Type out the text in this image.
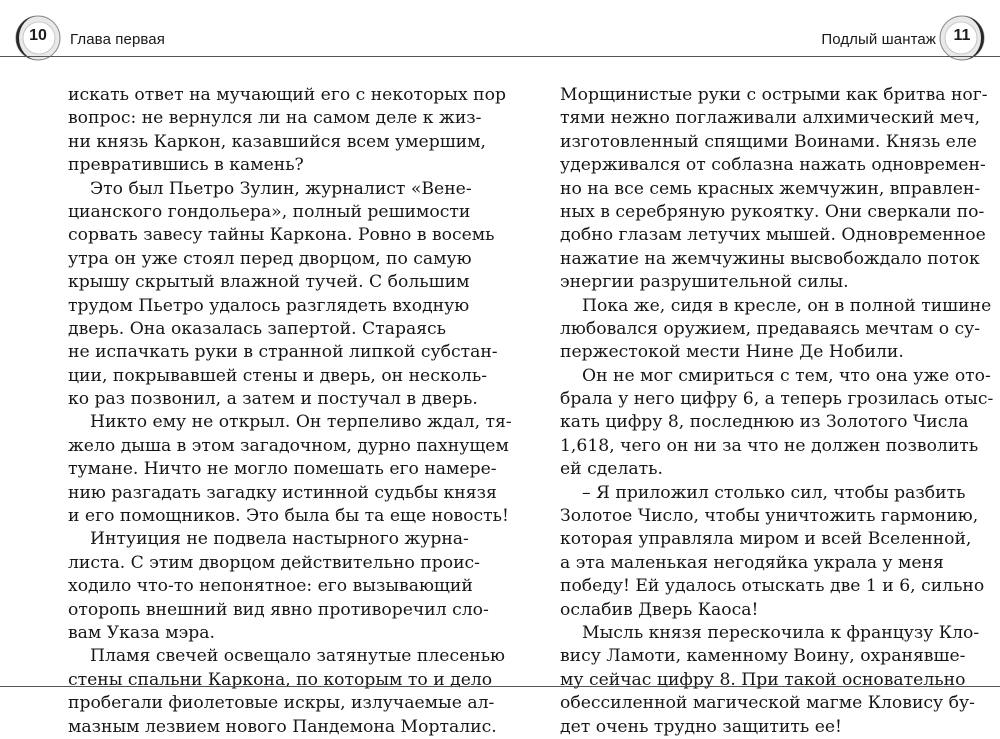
10	Глава первая	Подлый шантаж	11
искать ответ на мучающий его с некоторых пор
вопрос: не вернулся ли на самом деле к жиз-
ни князь Каркон, казавшийся всем умершим,
превратившись в камень?
Это был Пьетро Зулин, журналист «Вене-
цианского гондольера», полный решимости
сорвать завесу тайны Каркона. Ровно в восемь
утра он уже стоял перед дворцом, по самую
крышу скрытый влажной тучей. С большим
трудом Пьетро удалось разглядеть входную
дверь. Она оказалась запертой. Стараясь
не испачкать руки в странной липкой субстан-
ции, покрывавшей стены и дверь, он несколь-
ко раз позвонил, а затем и постучал в дверь.
Никто ему не открыл. Он терпеливо ждал, тя-
жело дыша в этом загадочном, дурно пахнущем
тумане. Ничто не могло помешать его намере-
нию разгадать загадку истинной судьбы князя
и его помощников. Это была бы та еще новость!
Интуиция не подвела настырного журна-
листа. С этим дворцом действительно проис-
ходило что-то непонятное: его вызывающий
оторопь внешний вид явно противоречил сло-
вам Указа мэра.
Пламя свечей освещало затянутые плесенью
стены спальни Каркона, по которым то и дело
пробегали фиолетовые искры, излучаемые ал-
мазным лезвием нового Пандемона Морталис.
Морщинистые руки с острыми как бритва ног-
тями нежно поглаживали алхимический меч,
изготовленный спящими Воинами. Князь еле
удерживался от соблазна нажать одновремен-
но на все семь красных жемчужин, вправлен-
ных в серебряную рукоятку. Они сверкали по-
добно глазам летучих мышей. Одновременное
нажатие на жемчужины высвобождало поток
энергии разрушительной силы.
Пока же, сидя в кресле, он в полной тишине
любовался оружием, предаваясь мечтам о су-
пержестокой мести Нине Де Нобили.
Он не мог смириться с тем, что она уже ото-
брала у него цифру 6, а теперь грозилась отыс-
кать цифру 8, последнюю из Золотого Числа
1,618, чего он ни за что не должен позволить
ей сделать.
– Я приложил столько сил, чтобы разбить
Золотое Число, чтобы уничтожить гармонию,
которая управляла миром и всей Вселенной,
а эта маленькая негодяйка украла у меня
победу! Ей удалось отыскать две 1 и 6, сильно
ослабив Дверь Каоса!
Мысль князя перескочила к французу Кло-
вису Ламоти, каменному Воину, охранявше-
му сейчас цифру 8. При такой основательно
обессиленной магической магме Кловису бу-
дет очень трудно защитить ее!
